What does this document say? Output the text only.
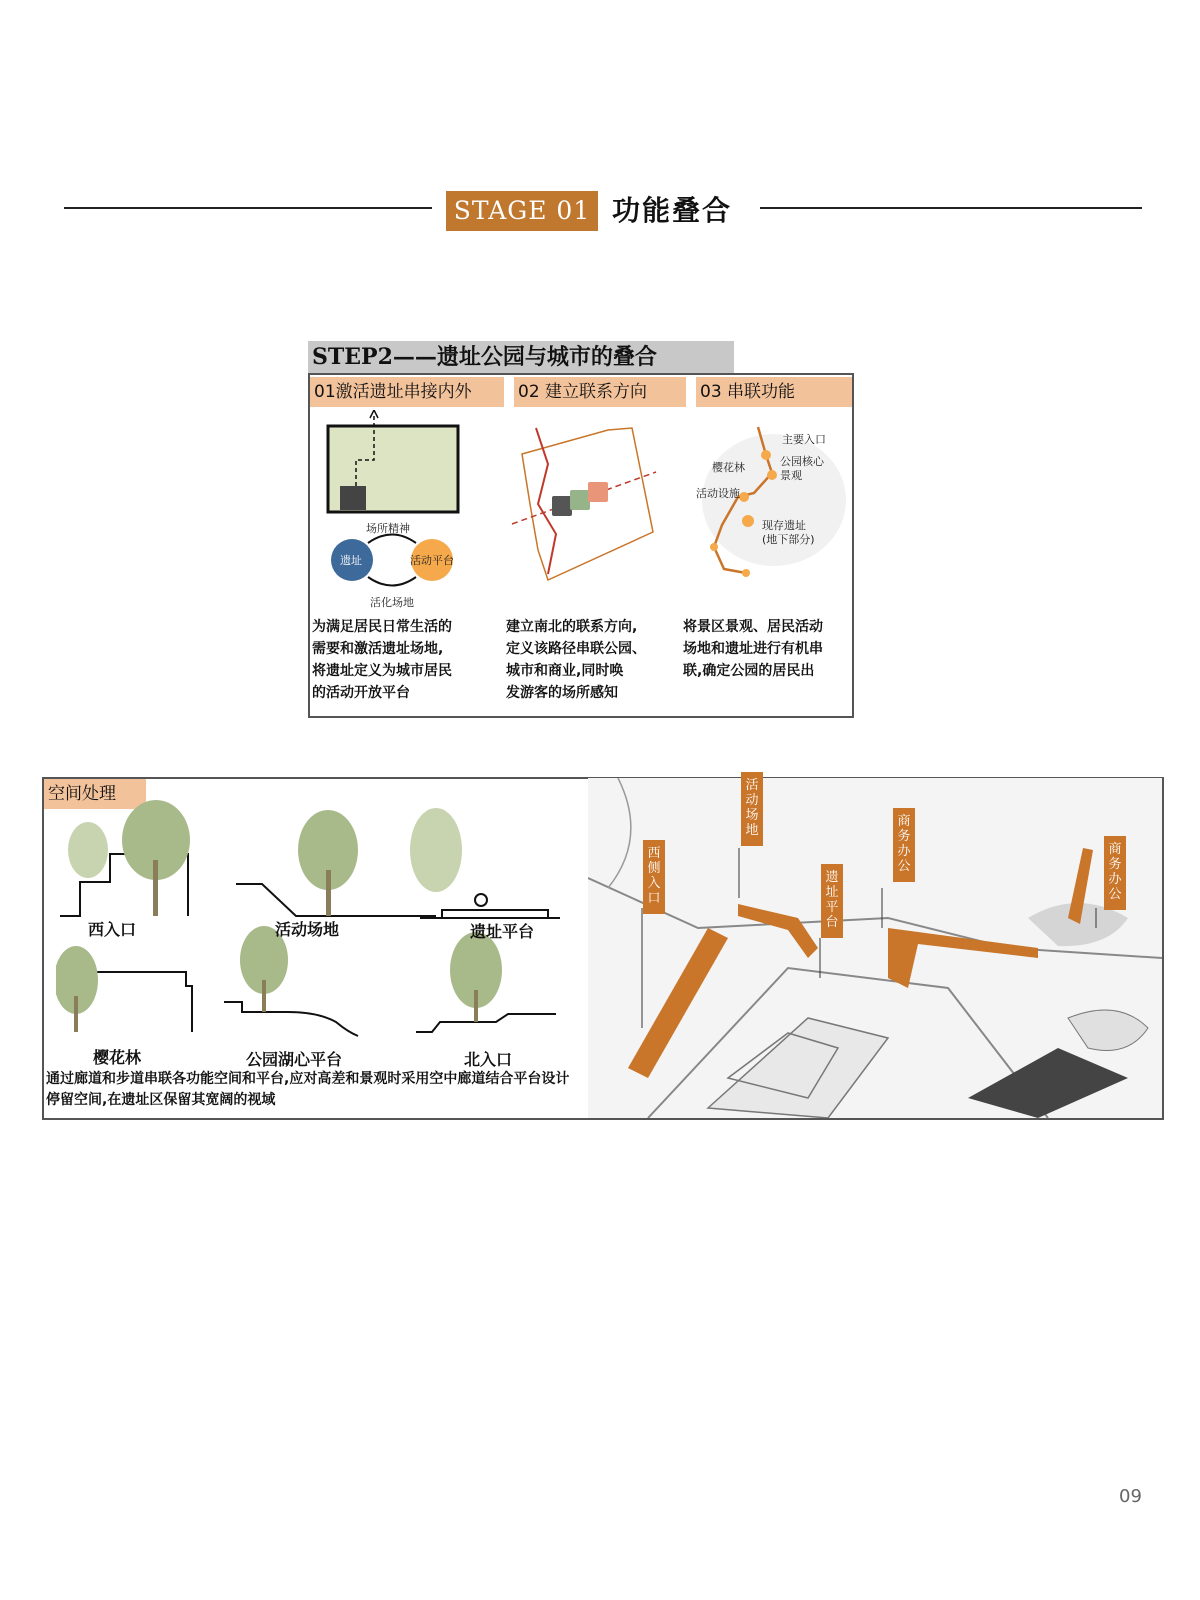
STAGE 01 功能叠合
STEP2——遗址公园与城市的叠合
01激活遗址串接内外	02 建立联系方向	03 串联功能
场所精神
遗址	活动平台
活化场地
主要入口
公园核心景观
樱花林
活动设施
现存遗址(地下部分)
为满足居民日常生活的
需要和激活遗址场地,
将遗址定义为城市居民
的活动开放平台
建立南北的联系方向,
定义该路径串联公园、
城市和商业,同时唤
发游客的场所感知
将景区景观、居民活动
场地和遗址进行有机串
联,确定公园的居民出
空间处理
西入口	活动场地	遗址平台
樱花林	公园湖心平台	北入口
通过廊道和步道串联各功能空间和平台,应对高差和景观时采用空中廊道结合平台设计停留空间,在遗址区保留其宽阔的视域
西侧入口
活动场地
遗址平台
商务办公
商务办公
09
